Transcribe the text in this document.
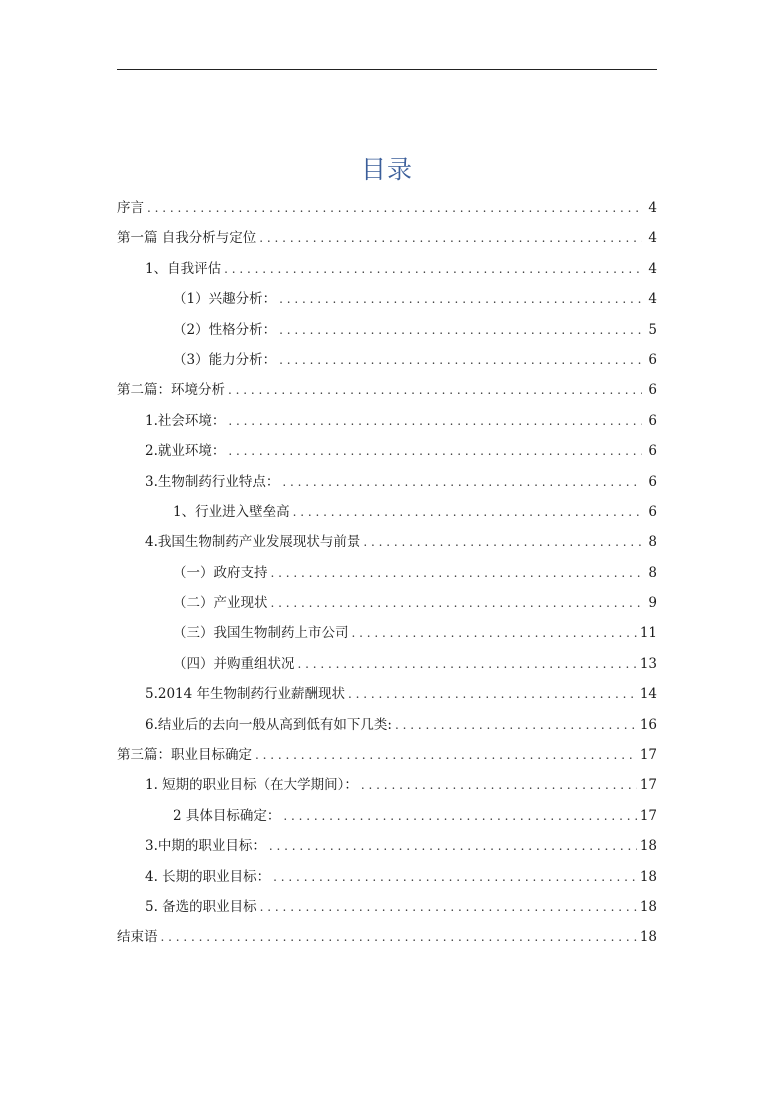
目录
序言 . . .	4
第一篇 自我分析与定位 . . .	4
1、自我评估 . . .	4
（1）兴趣分析： . . .	4
（2）性格分析： . . .	5
（3）能力分析： . . .	6
第二篇：环境分析 . . .	6
1.社会环境： . . .	6
2.就业环境： . . .	6
3.生物制药行业特点： . . .	6
1、行业进入壁垒高 . . .	6
4.我国生物制药产业发展现状与前景 . . .	8
（一）政府支持 . . .	8
（二）产业现状 . . .	9
（三）我国生物制药上市公司 . . .	11
（四）并购重组状况 . . .	13
5.2014 年生物制药行业薪酬现状 . . .	14
6.结业后的去向一般从高到低有如下几类: . . .	16
第三篇：职业目标确定 . . .	17
1. 短期的职业目标（在大学期间）： . . .	17
2 具体目标确定： . . .	17
3.中期的职业目标： . . .	18
4. 长期的职业目标： . . .	18
5. 备选的职业目标 . . .	18
结束语 . . .	18
